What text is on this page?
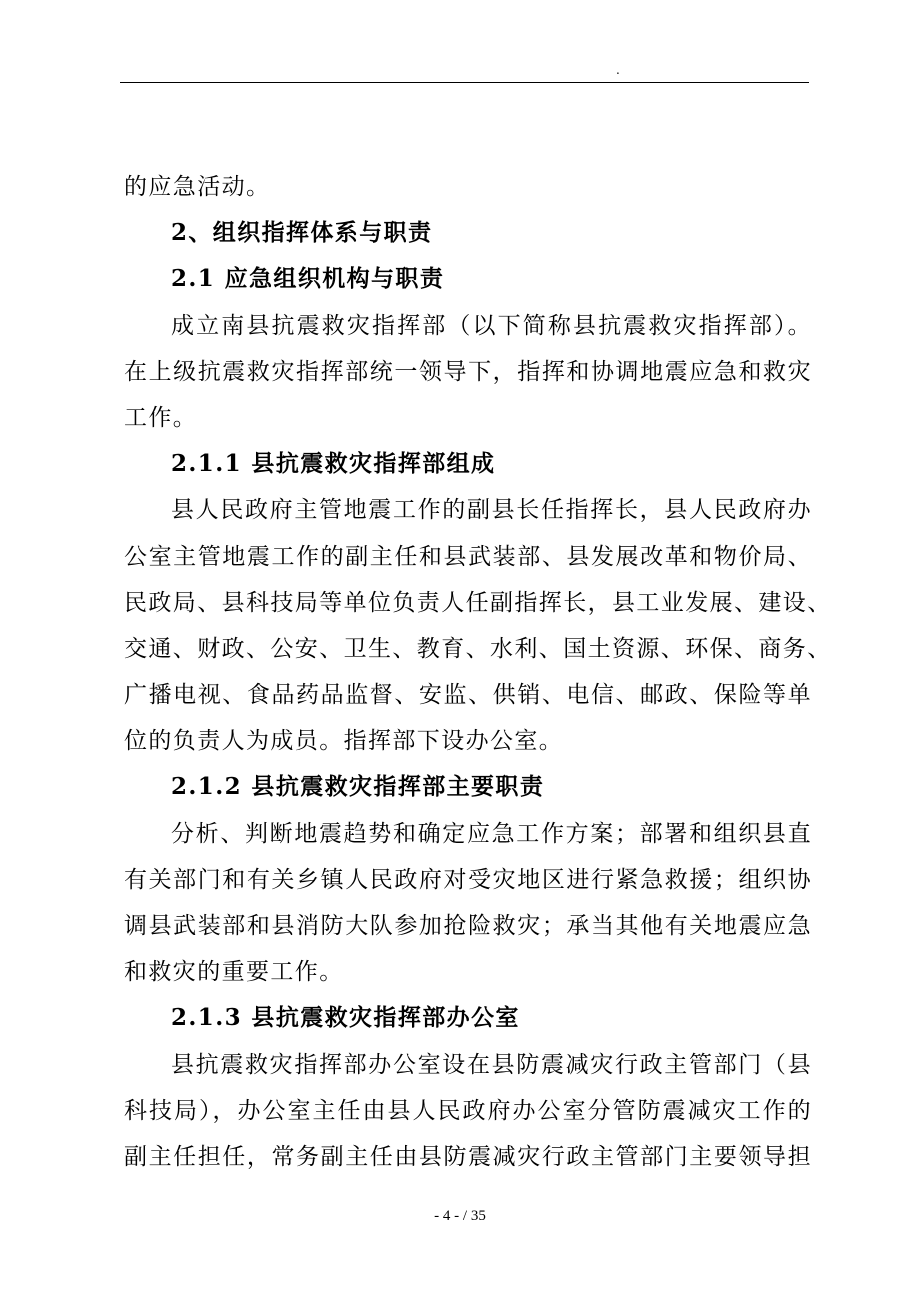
.
的应急活动。
2、组织指挥体系与职责
2.1 应急组织机构与职责
成立南县抗震救灾指挥部（以下简称县抗震救灾指挥部）。
在上级抗震救灾指挥部统一领导下，指挥和协调地震应急和救灾
工作。
2.1.1 县抗震救灾指挥部组成
县人民政府主管地震工作的副县长任指挥长，县人民政府办
公室主管地震工作的副主任和县武装部、县发展改革和物价局、
民政局、县科技局等单位负责人任副指挥长，县工业发展、建设、
交通、财政、公安、卫生、教育、水利、国土资源、环保、商务、
广播电视、食品药品监督、安监、供销、电信、邮政、保险等单
位的负责人为成员。指挥部下设办公室。
2.1.2 县抗震救灾指挥部主要职责
分析、判断地震趋势和确定应急工作方案；部署和组织县直
有关部门和有关乡镇人民政府对受灾地区进行紧急救援；组织协
调县武装部和县消防大队参加抢险救灾；承当其他有关地震应急
和救灾的重要工作。
2.1.3 县抗震救灾指挥部办公室
县抗震救灾指挥部办公室设在县防震减灾行政主管部门（县
科技局），办公室主任由县人民政府办公室分管防震减灾工作的
副主任担任，常务副主任由县防震减灾行政主管部门主要领导担
- 4 - / 35
